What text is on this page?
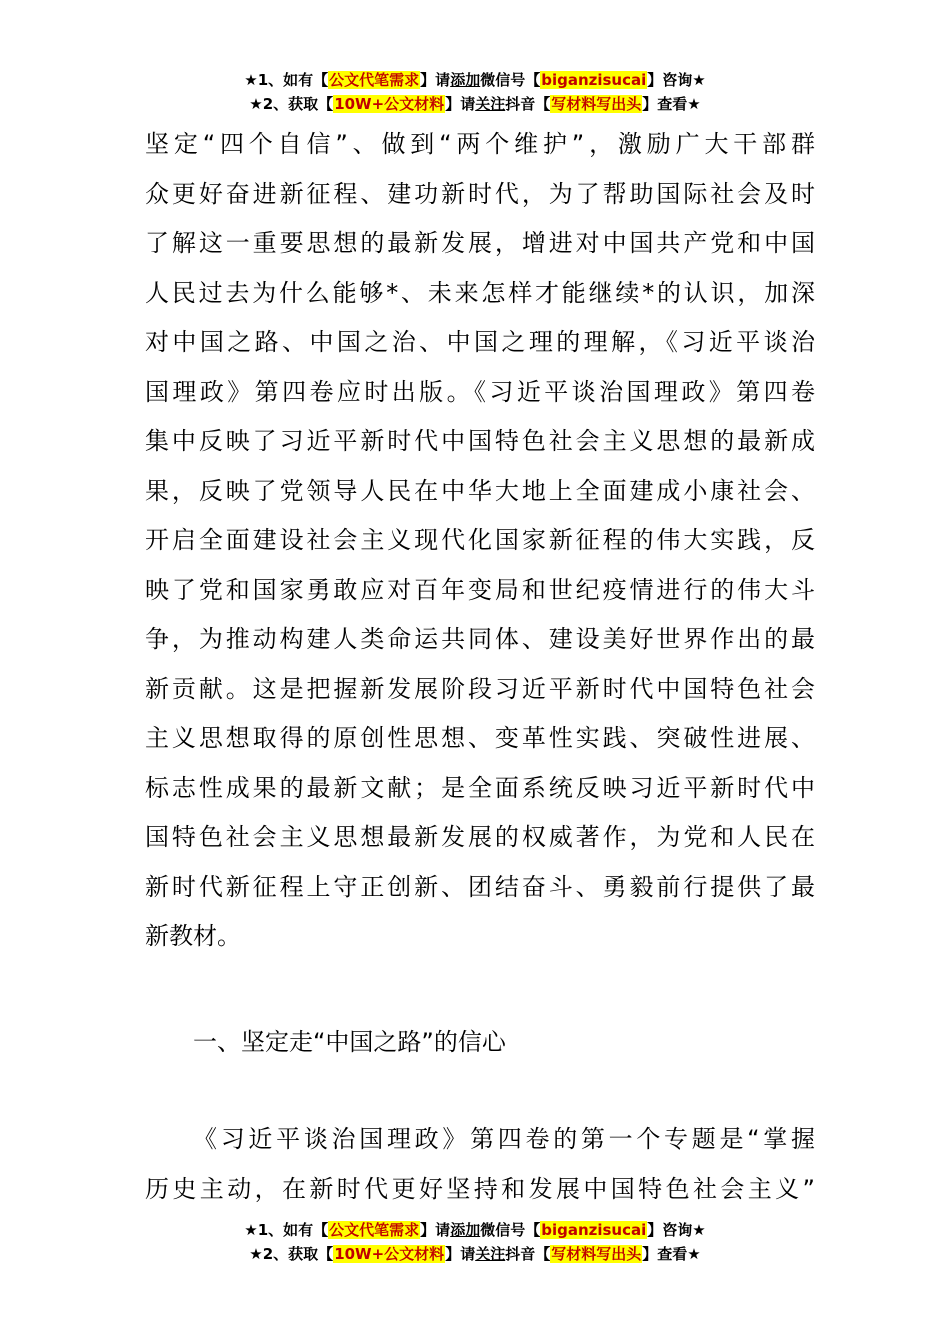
★1、如有【公文代笔需求】请添加微信号【biganzisucai】咨询★
★2、获取【10W+公文材料】请关注抖音【写材料写出头】查看★
坚定“四个自信”、做到“两个维护”，激励广大干部群
众更好奋进新征程、建功新时代，为了帮助国际社会及时
了解这一重要思想的最新发展，增进对中国共产党和中国
人民过去为什么能够*、未来怎样才能继续*的认识，加深
对中国之路、中国之治、中国之理的理解，《习近平谈治
国理政》第四卷应时出版。《习近平谈治国理政》第四卷
集中反映了习近平新时代中国特色社会主义思想的最新成
果，反映了党领导人民在中华大地上全面建成小康社会、
开启全面建设社会主义现代化国家新征程的伟大实践，反
映了党和国家勇敢应对百年变局和世纪疫情进行的伟大斗
争，为推动构建人类命运共同体、建设美好世界作出的最
新贡献。这是把握新发展阶段习近平新时代中国特色社会
主义思想取得的原创性思想、变革性实践、突破性进展、
标志性成果的最新文献；是全面系统反映习近平新时代中
国特色社会主义思想最新发展的权威著作，为党和人民在
新时代新征程上守正创新、团结奋斗、勇毅前行提供了最
新教材。
一、坚定走“中国之路”的信心
《习近平谈治国理政》第四卷的第一个专题是“掌握
历史主动，在新时代更好坚持和发展中国特色社会主义”
★1、如有【公文代笔需求】请添加微信号【biganzisucai】咨询★
★2、获取【10W+公文材料】请关注抖音【写材料写出头】查看★
